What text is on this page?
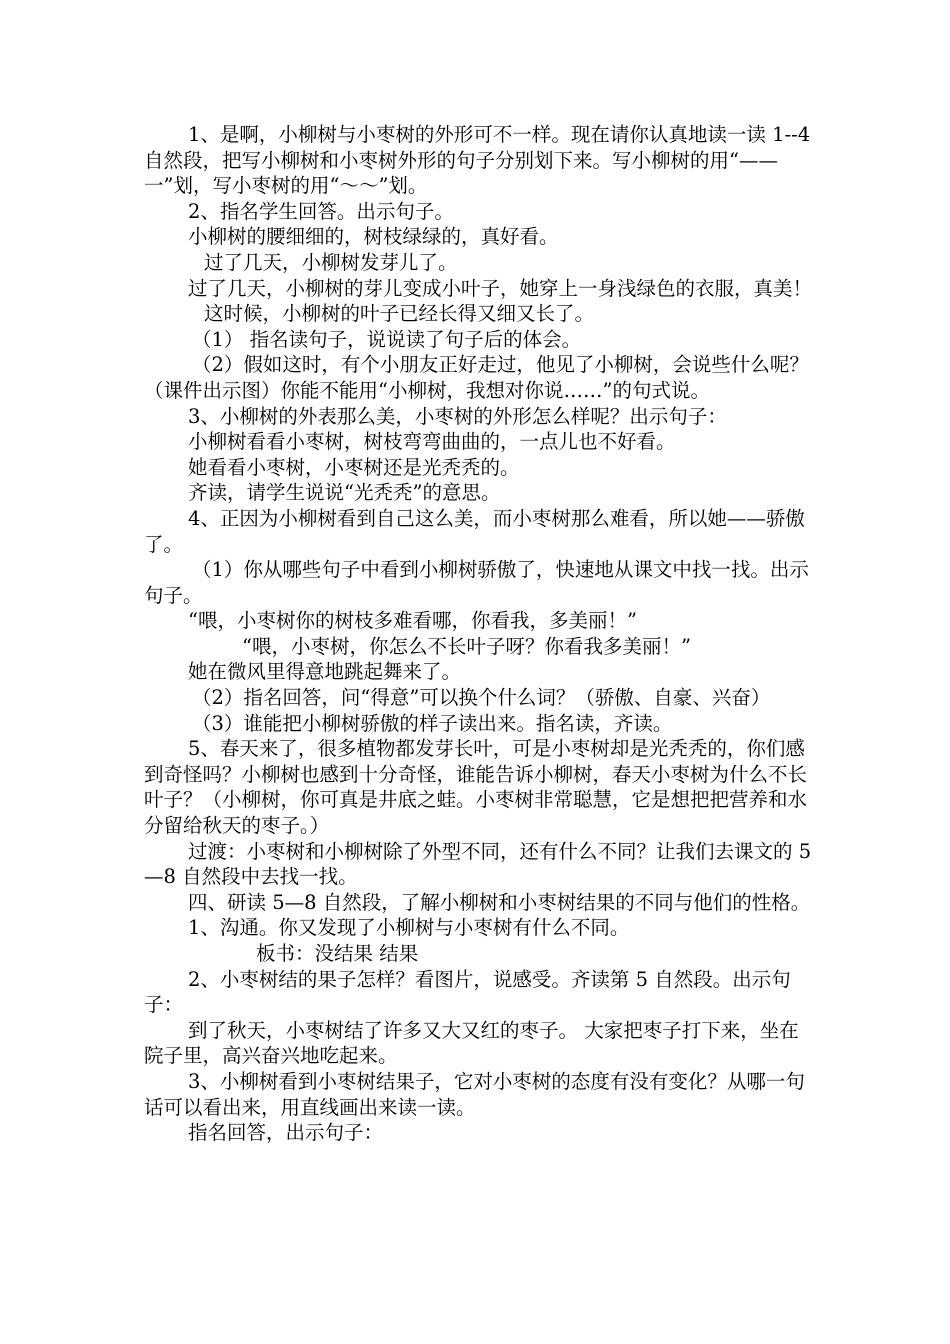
1、是啊，小柳树与小枣树的外形可不一样。现在请你认真地读一读 1--4 自然段，把写小柳树和小枣树外形的句子分别划下来。写小柳树的用“——一”划，写小枣树的用“～～”划。

2、指名学生回答。出示句子。

小柳树的腰细细的，树枝绿绿的，真好看。

过了几天，小柳树发芽儿了。

过了几天，小柳树的芽儿变成小叶子，她穿上一身浅绿色的衣服，真美！

这时候，小柳树的叶子已经长得又细又长了。

（1） 指名读句子，说说读了句子后的体会。

（2）假如这时，有个小朋友正好走过，他见了小柳树，会说些什么呢？（课件出示图）你能不能用“小柳树，我想对你说……”的句式说。

3、小柳树的外表那么美，小枣树的外形怎么样呢？出示句子：

小柳树看看小枣树，树枝弯弯曲曲的，一点儿也不好看。

她看看小枣树，小枣树还是光秃秃的。

齐读，请学生说说“光秃秃”的意思。

4、正因为小柳树看到自己这么美，而小枣树那么难看，所以她——骄傲了。

（1）你从哪些句子中看到小柳树骄傲了，快速地从课文中找一找。出示句子。

“喂，小枣树你的树枝多难看哪，你看我，多美丽！”

“喂，小枣树，你怎么不长叶子呀？你看我多美丽！”

她在微风里得意地跳起舞来了。

（2）指名回答，问“得意”可以换个什么词？（骄傲、自豪、兴奋）

（3）谁能把小柳树骄傲的样子读出来。指名读，齐读。

5、春天来了，很多植物都发芽长叶，可是小枣树却是光秃秃的，你们感到奇怪吗？小柳树也感到十分奇怪，谁能告诉小柳树，春天小枣树为什么不长叶子？（小柳树，你可真是井底之蛙。小枣树非常聪慧，它是想把把营养和水分留给秋天的枣子。）

过渡：小枣树和小柳树除了外型不同，还有什么不同？让我们去课文的 5—8 自然段中去找一找。

四、研读 5—8 自然段，了解小柳树和小枣树结果的不同与他们的性格。

1、沟通。你又发现了小柳树与小枣树有什么不同。

板书：没结果 结果

2、小枣树结的果子怎样？看图片，说感受。齐读第 5 自然段。出示句子：

到了秋天，小枣树结了许多又大又红的枣子。 大家把枣子打下来，坐在院子里，高兴奋兴地吃起来。

3、小柳树看到小枣树结果子，它对小枣树的态度有没有变化？从哪一句话可以看出来，用直线画出来读一读。

指名回答，出示句子：
